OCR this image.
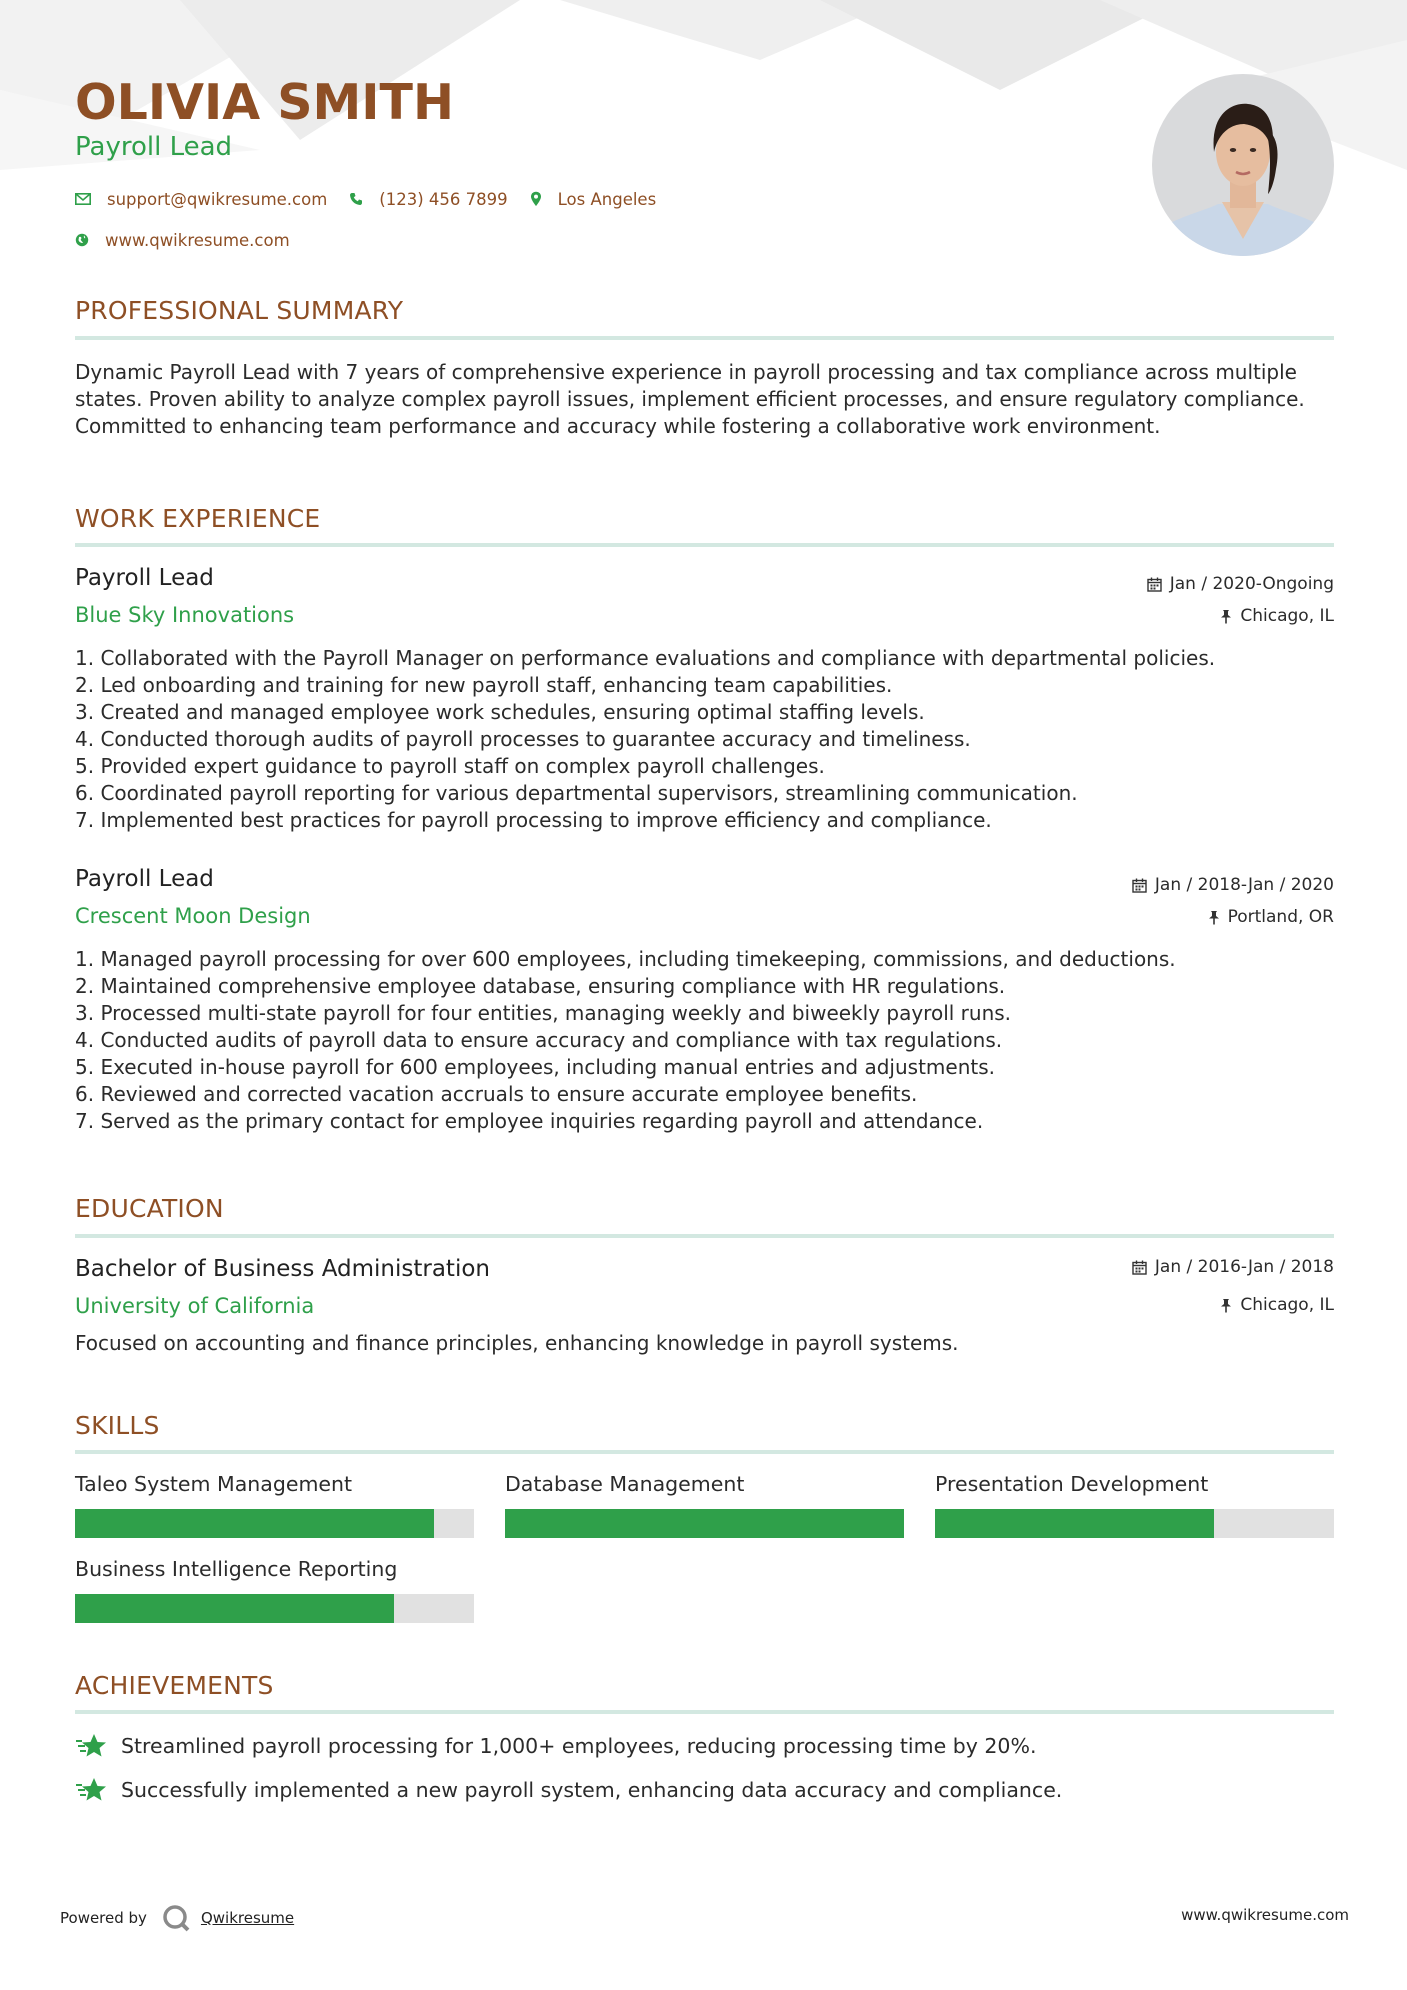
OLIVIA SMITH
Payroll Lead
support@qwikresume.com	(123) 456 7899	Los Angeles
www.qwikresume.com
PROFESSIONAL SUMMARY
Dynamic Payroll Lead with 7 years of comprehensive experience in payroll processing and tax compliance across multiple states. Proven ability to analyze complex payroll issues, implement efficient processes, and ensure regulatory compliance. Committed to enhancing team performance and accuracy while fostering a collaborative work environment.
WORK EXPERIENCE
Payroll Lead
Blue Sky Innovations
Jan / 2020-Ongoing
Chicago, IL
1. Collaborated with the Payroll Manager on performance evaluations and compliance with departmental policies.
2. Led onboarding and training for new payroll staff, enhancing team capabilities.
3. Created and managed employee work schedules, ensuring optimal staffing levels.
4. Conducted thorough audits of payroll processes to guarantee accuracy and timeliness.
5. Provided expert guidance to payroll staff on complex payroll challenges.
6. Coordinated payroll reporting for various departmental supervisors, streamlining communication.
7. Implemented best practices for payroll processing to improve efficiency and compliance.
Payroll Lead
Crescent Moon Design
Jan / 2018-Jan / 2020
Portland, OR
1. Managed payroll processing for over 600 employees, including timekeeping, commissions, and deductions.
2. Maintained comprehensive employee database, ensuring compliance with HR regulations.
3. Processed multi-state payroll for four entities, managing weekly and biweekly payroll runs.
4. Conducted audits of payroll data to ensure accuracy and compliance with tax regulations.
5. Executed in-house payroll for 600 employees, including manual entries and adjustments.
6. Reviewed and corrected vacation accruals to ensure accurate employee benefits.
7. Served as the primary contact for employee inquiries regarding payroll and attendance.
EDUCATION
Bachelor of Business Administration
University of California
Jan / 2016-Jan / 2018
Chicago, IL
Focused on accounting and finance principles, enhancing knowledge in payroll systems.
SKILLS
Taleo System Management	Database Management	Presentation Development
Business Intelligence Reporting
ACHIEVEMENTS
Streamlined payroll processing for 1,000+ employees, reducing processing time by 20%.
Successfully implemented a new payroll system, enhancing data accuracy and compliance.
Powered by	Qwikresume	www.qwikresume.com
